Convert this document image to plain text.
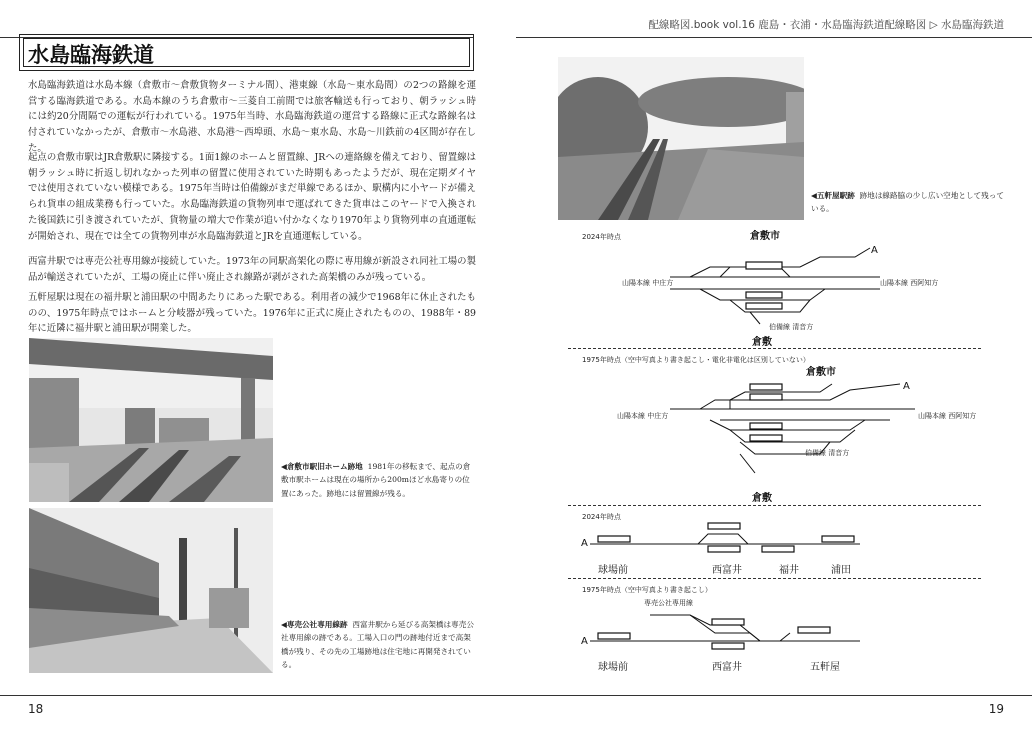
配線略図.book vol.16 鹿島・衣浦・水島臨海鉄道配線略図 ▷ 水島臨海鉄道
水島臨海鉄道
水島臨海鉄道は水島本線（倉敷市〜倉敷貨物ターミナル間）、港東線（水島〜東水島間）の2つの路線を運営する臨海鉄道である。水島本線のうち倉敷市〜三菱自工前間では旅客輸送も行っており、朝ラッシュ時には約20分間隔での運転が行われている。1975年当時、水島臨海鉄道の運営する路線に正式な路線名は付されていなかったが、倉敷市〜水島港、水島港〜西埠頭、水島〜東水島、水島〜川鉄前の4区間が存在した。
起点の倉敷市駅はJR倉敷駅に隣接する。1面1線のホームと留置線、JRへの連絡線を備えており、留置線は朝ラッシュ時に折返し切れなかった列車の留置に使用されていた時期もあったようだが、現在定期ダイヤでは使用されていない模様である。1975年当時は伯備線がまだ単線であるほか、駅構内に小ヤードが備えられ貨車の組成業務も行っていた。水島臨海鉄道の貨物列車で運ばれてきた貨車はこのヤードで入換された後国鉄に引き渡されていたが、貨物量の増大で作業が追い付かなくなり1970年より貨物列車の直通運転が開始され、現在では全ての貨物列車が水島臨海鉄道とJRを直通運転している。
西富井駅では専売公社専用線が接続していた。1973年の同駅高架化の際に専用線が新設され同社工場の製品が輸送されていたが、工場の廃止に伴い廃止され線路が剥がされた高架橋のみが残っている。
五軒屋駅は現在の福井駅と浦田駅の中間あたりにあった駅である。利用者の減少で1968年に休止されたものの、1975年時点ではホームと分岐器が残っていた。1976年に正式に廃止されたものの、1988年・89年に近隣に福井駅と浦田駅が開業した。
◀倉敷市駅旧ホーム跡地 1981年の移転まで、起点の倉敷市駅ホームは現在の場所から200mほど水島寄りの位置にあった。跡地には留置線が残る。
◀専売公社専用線跡 西富井駅から延びる高架橋は専売公社専用線の跡である。工場入口の門の跡地付近まで高架橋が残り、その先の工場跡地は住宅地に再開発されている。
◀五軒屋駅跡 跡地は線路脇の少し広い空地として残っている。
2024年時点	倉敷市
A
山陽本線 中庄方	山陽本線 西阿知方
伯備線 清音方
倉敷
1975年時点（空中写真より書き起こし・電化非電化は区別していない）
倉敷市
A
山陽本線 中庄方	山陽本線 西阿知方
伯備線 清音方
倉敷
2024年時点
A
球場前	西富井	福井	浦田
1975年時点（空中写真より書き起こし）
専売公社専用線
A
球場前	西富井	五軒屋
18	19
